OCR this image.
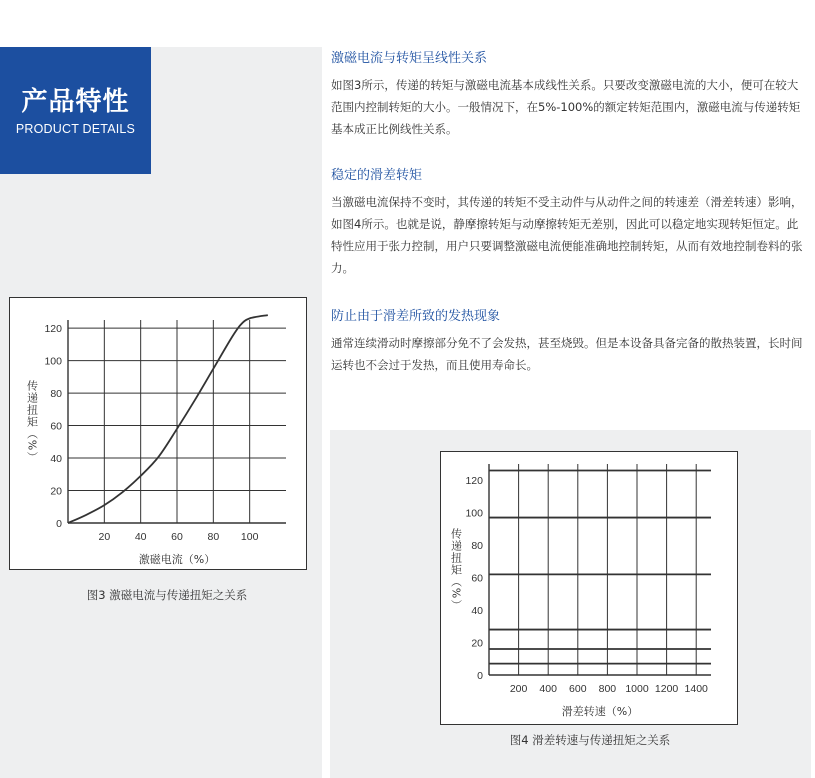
产品特性
PRODUCT DETAILS
激磁电流与转矩呈线性关系

如图3所示，传递的转矩与激磁电流基本成线性关系。只要改变激磁电流的大小，便可在较大范围内控制转矩的大小。一般情况下，在5%-100%的额定转矩范围内，激磁电流与传递转矩基本成正比例线性关系。

稳定的滑差转矩

当激磁电流保持不变时，其传递的转矩不受主动件与从动件之间的转速差（滑差转速）影响，如图4所示。也就是说，静摩擦转矩与动摩擦转矩无差别，因此可以稳定地实现转矩恒定。此特性应用于张力控制，用户只要调整激磁电流便能准确地控制转矩，从而有效地控制卷料的张力。

防止由于滑差所致的发热现象

通常连续滑动时摩擦部分免不了会发热，甚至烧毁。但是本设备具备完备的散热装置，长时间运转也不会过于发热，而且使用寿命长。

0
20
40
60
80
100
120
20 40 60 80 100
激磁电流（%）
传递扭矩（%）
图3 激磁电流与传递扭矩之关系
0
20
40
60
80
100
120
200 400 600 800 1000 1200 1400
滑差转速（%）
传递扭矩（%）
图4 滑差转速与传递扭矩之关系
